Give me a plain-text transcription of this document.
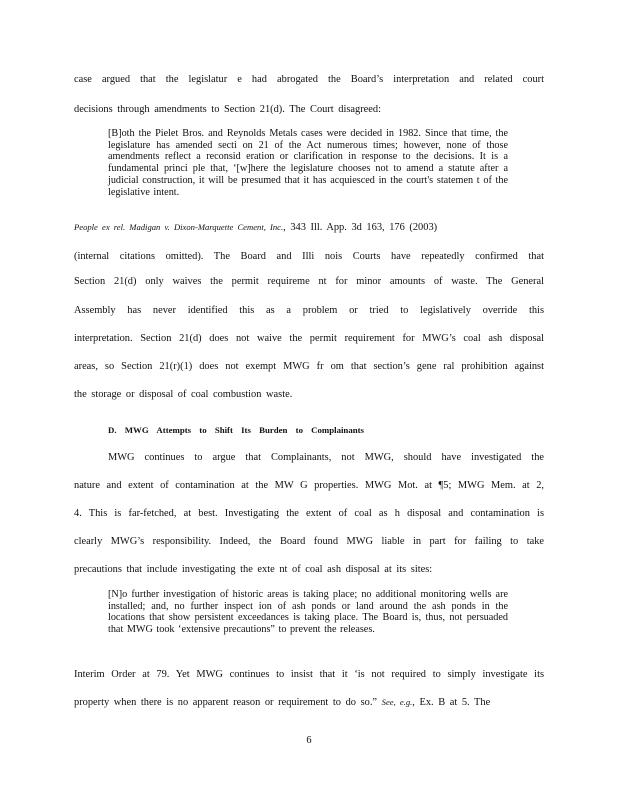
case argued that the legislatur e had abrogated the Board’s interpretation and related court
decisions through amendments to Section 21(d). The Court disagreed:
[B]oth the Pielet Bros. and Reynolds Metals cases were decided in 1982. Since that time, the legislature has amended secti on 21 of the Act numerous times; however, none of those amendments reflect a reconsid eration or clarification in response to the decisions. It is a fundamental princi ple that, ‘[w]here the legislature chooses not to amend a statute after a judicial construction, it will be presumed that it has acquiesced in the court's statemen t of the legislative intent.
People ex rel. Madigan v. Dixon-Marquette Cement, Inc., 343 Ill. App. 3d 163, 176 (2003)
(internal citations omitted). The Board and Illi nois Courts have repeatedly confirmed that
Section 21(d) only waives the permit requireme nt for minor amounts of waste. The General
Assembly has never identified this as a problem or tried to legislatively override this
interpretation. Section 21(d) does not waive the permit requirement for MWG’s coal ash disposal
areas, so Section 21(r)(1) does not exempt MWG fr om that section’s gene ral prohibition against
the storage or disposal of coal combustion waste.
D. MWG Attempts to Shift Its Burden to Complainants
MWG continues to argue that Complainants, not MWG, should have investigated the
nature and extent of contamination at the MW G properties. MWG Mot. at ¶5; MWG Mem. at 2,
4. This is far-fetched, at best. Investigating the extent of coal as h disposal and contamination is
clearly MWG’s responsibility. Indeed, the Board found MWG liable in part for failing to take
precautions that include investigating the exte nt of coal ash disposal at its sites:
[N]o further investigation of historic areas is taking place; no additional monitoring wells are installed; and, no further inspect ion of ash ponds or land around the ash ponds in the locations that show persistent exceedances is taking place. The Board is, thus, not persuaded that MWG took ‘extensive precautions” to prevent the releases.
Interim Order at 79. Yet MWG continues to insist that it ‘is not required to simply investigate its
property when there is no apparent reason or requirement to do so.” See, e.g., Ex. B at 5. The
6
